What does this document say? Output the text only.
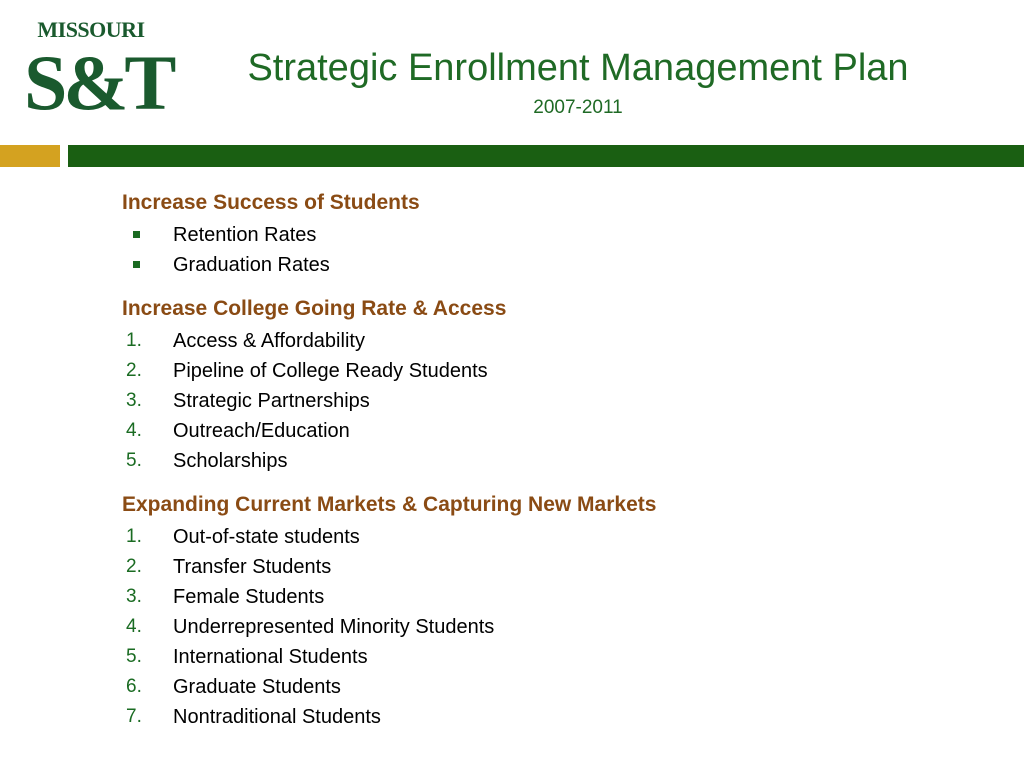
MISSOURI
S&T	Strategic Enrollment Management Plan
2007-2011
Increase Success of Students
Retention Rates
Graduation Rates
Increase College Going Rate & Access
1.	Access & Affordability
2.	Pipeline of College Ready Students
3.	Strategic Partnerships
4.	Outreach/Education
5.	Scholarships
Expanding Current Markets & Capturing New Markets
1.	Out-of-state students
2.	Transfer Students
3.	Female Students
4.	Underrepresented Minority Students
5.	International Students
6.	Graduate Students
7.	Nontraditional Students
